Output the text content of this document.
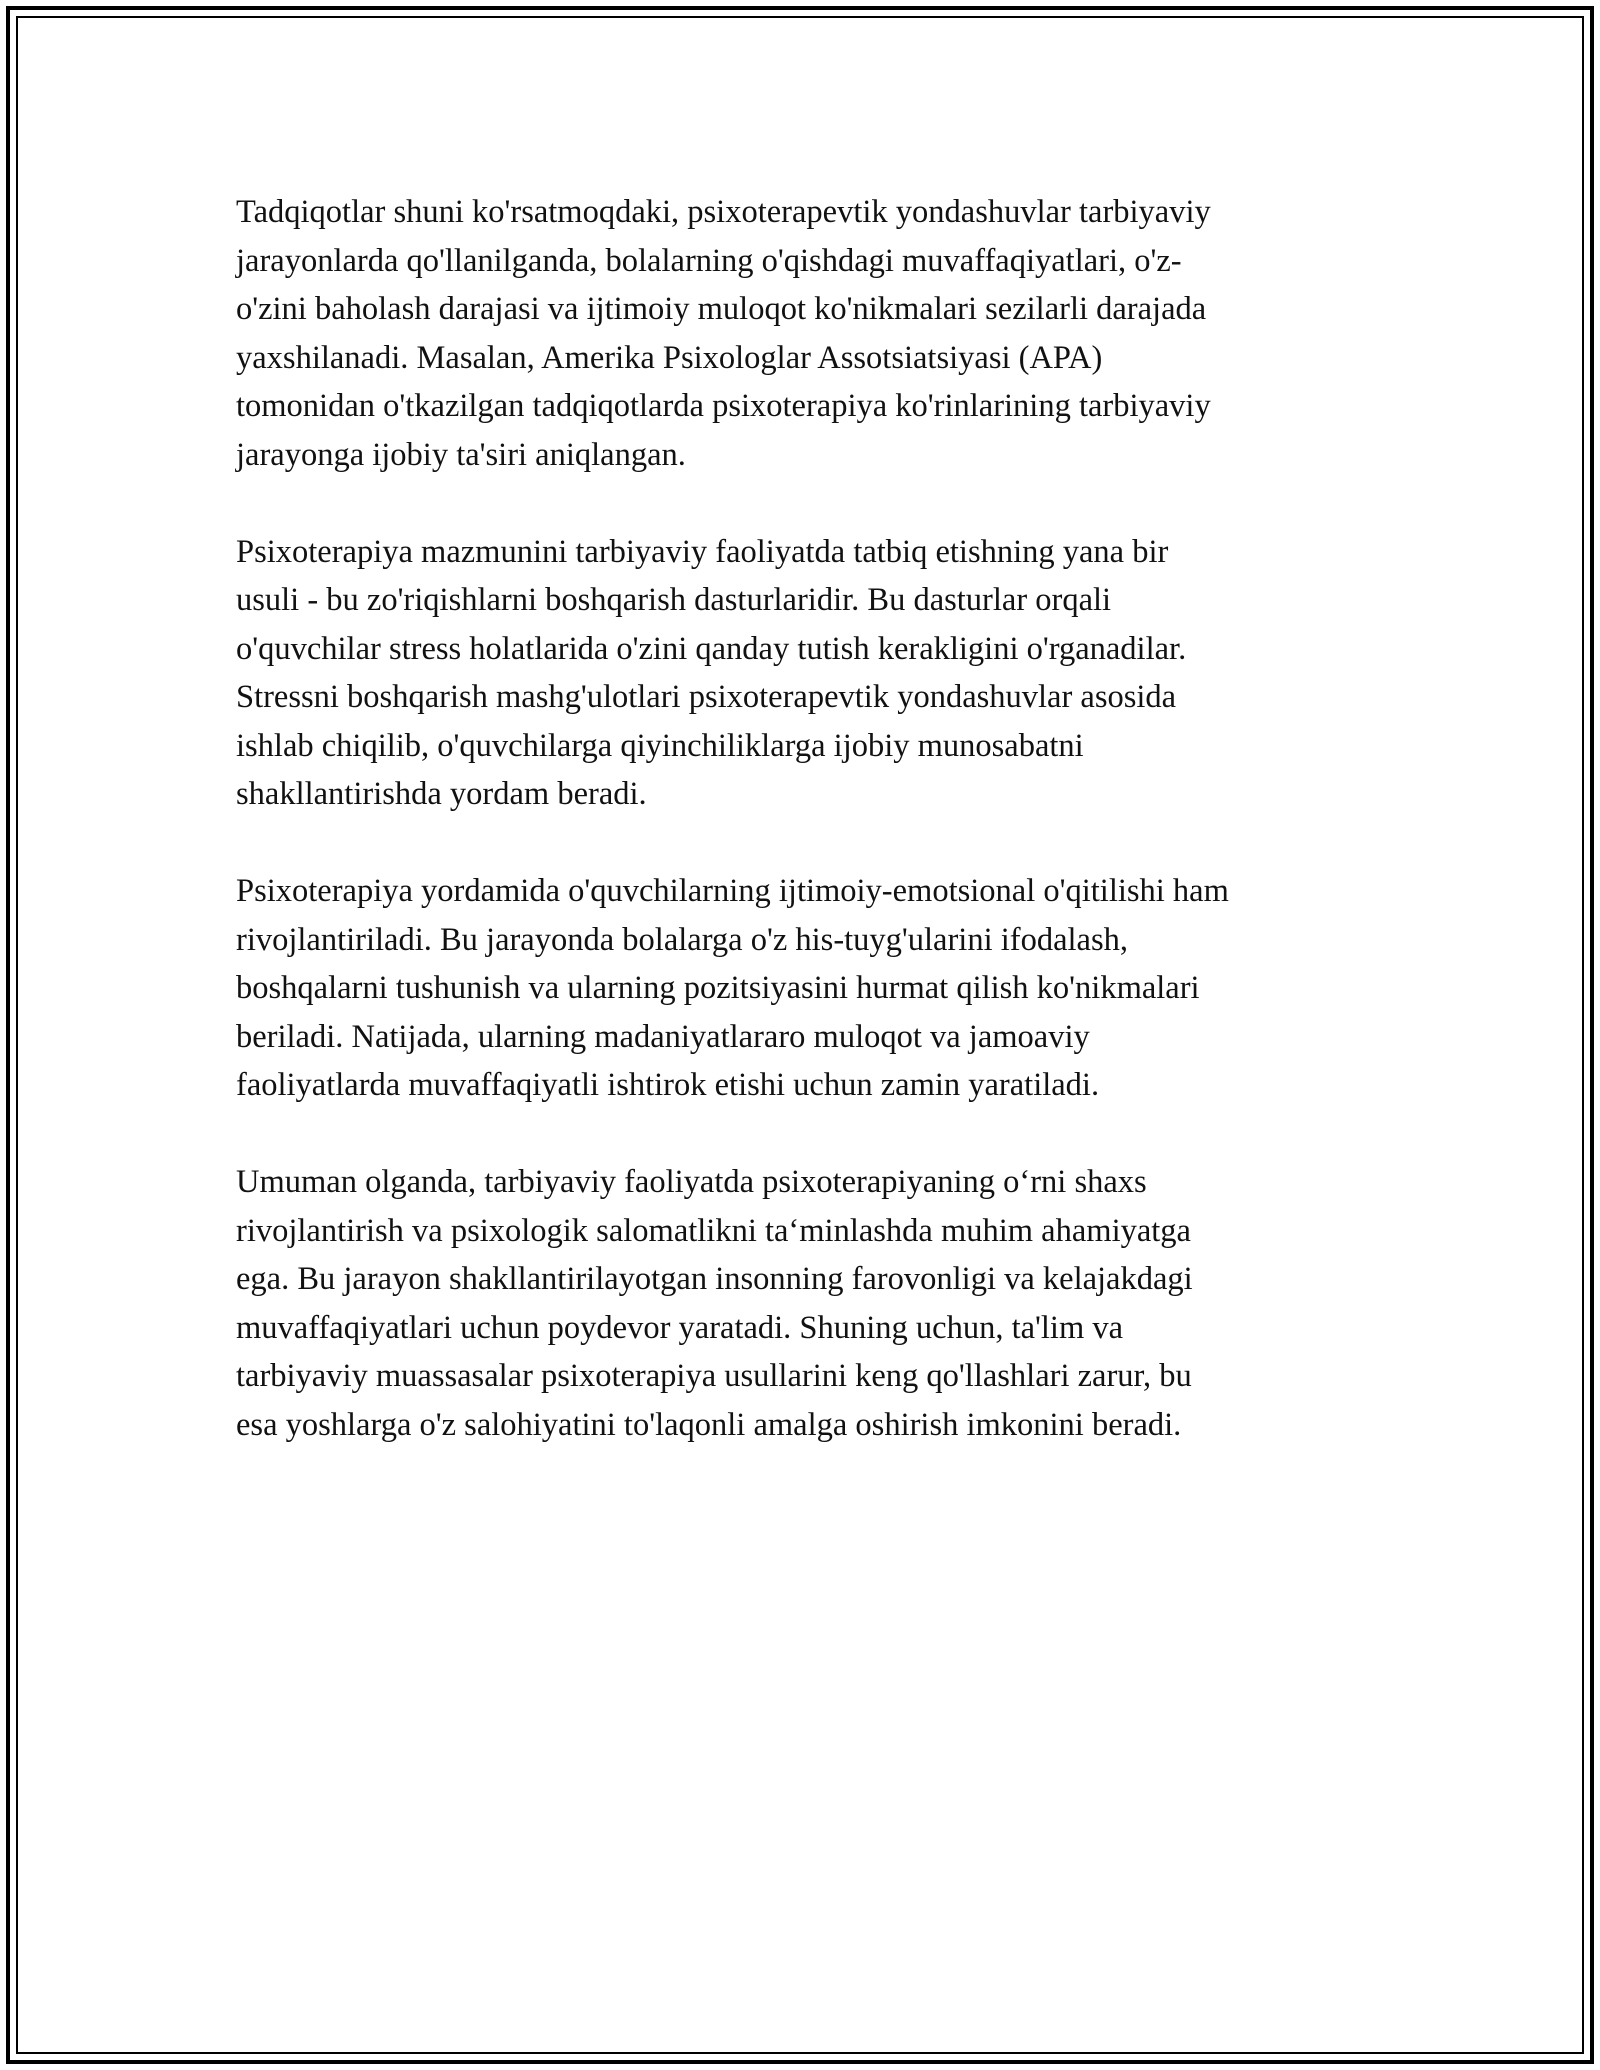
Tadqiqotlar shuni ko'rsatmoqdaki, psixoterapevtik yondashuvlar tarbiyaviy
jarayonlarda qo'llanilganda, bolalarning o'qishdagi muvaffaqiyatlari, o'z-
o'zini baholash darajasi va ijtimoiy muloqot ko'nikmalari sezilarli darajada
yaxshilanadi. Masalan, Amerika Psixologlar Assotsiatsiyasi (APA)
tomonidan o'tkazilgan tadqiqotlarda psixoterapiya ko'rinlarining tarbiyaviy
jarayonga ijobiy ta'siri aniqlangan.
Psixoterapiya mazmunini tarbiyaviy faoliyatda tatbiq etishning yana bir
usuli - bu zo'riqishlarni boshqarish dasturlaridir. Bu dasturlar orqali
o'quvchilar stress holatlarida o'zini qanday tutish kerakligini o'rganadilar.
Stressni boshqarish mashg'ulotlari psixoterapevtik yondashuvlar asosida
ishlab chiqilib, o'quvchilarga qiyinchiliklarga ijobiy munosabatni
shakllantirishda yordam beradi.
Psixoterapiya yordamida o'quvchilarning ijtimoiy-emotsional o'qitilishi ham
rivojlantiriladi. Bu jarayonda bolalarga o'z his-tuyg'ularini ifodalash,
boshqalarni tushunish va ularning pozitsiyasini hurmat qilish ko'nikmalari
beriladi. Natijada, ularning madaniyatlararo muloqot va jamoaviy
faoliyatlarda muvaffaqiyatli ishtirok etishi uchun zamin yaratiladi.
Umuman olganda, tarbiyaviy faoliyatda psixoterapiyaning o‘rni shaxs
rivojlantirish va psixologik salomatlikni ta‘minlashda muhim ahamiyatga
ega. Bu jarayon shakllantirilayotgan insonning farovonligi va kelajakdagi
muvaffaqiyatlari uchun poydevor yaratadi. Shuning uchun, ta'lim va
tarbiyaviy muassasalar psixoterapiya usullarini keng qo'llashlari zarur, bu
esa yoshlarga o'z salohiyatini to'laqonli amalga oshirish imkonini beradi.
